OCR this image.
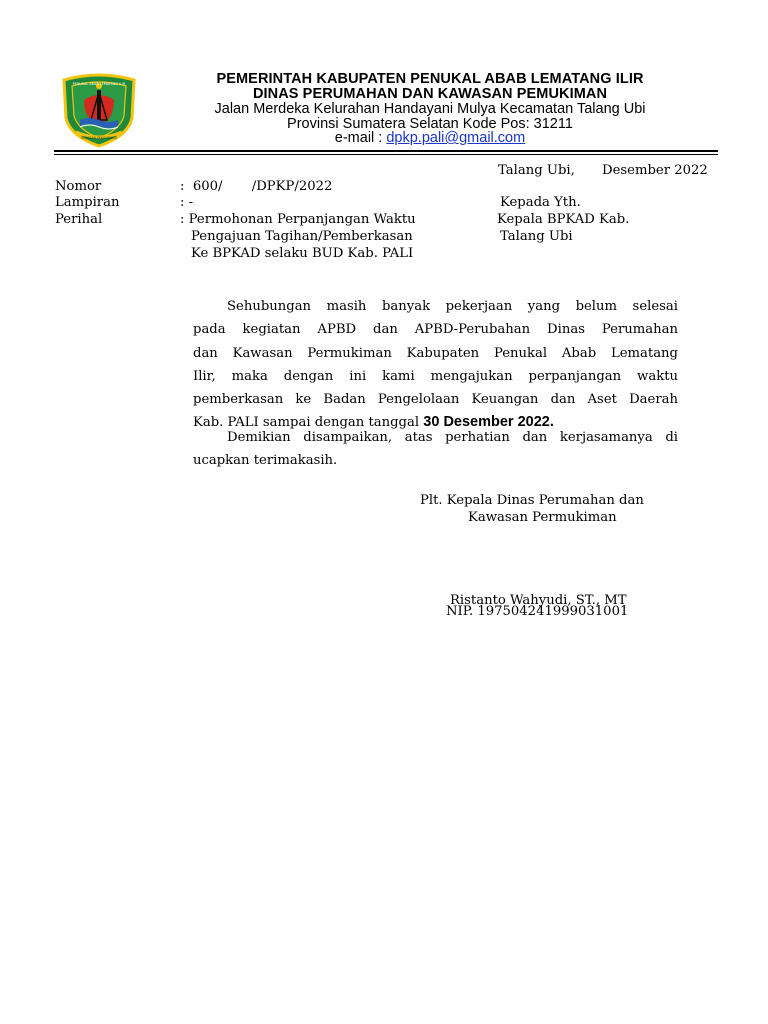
PENUKAL ABAB LEMATANG ILIR
SERASAN SEKUNDANG
PEMERINTAH KABUPATEN PENUKAL ABAB LEMATANG ILIR
DINAS PERUMAHAN DAN KAWASAN PEMUKIMAN
Jalan Merdeka Kelurahan Handayani Mulya Kecamatan Talang Ubi
Provinsi Sumatera Selatan Kode Pos: 31211
e-mail : dpkp.pali@gmail.com
Talang Ubi, Desember 2022
Nomor	:  600/       /DPKP/2022
Lampiran	: -
Perihal	: Permohonan Perpanjangan Waktu
Pengajuan Tagihan/Pemberkasan
Ke BPKAD selaku BUD Kab. PALI
Kepada Yth.
Kepala BPKAD Kab.
Talang Ubi
Sehubungan masih banyak pekerjaan yang belum selesai
pada kegiatan APBD dan APBD-Perubahan Dinas Perumahan
dan Kawasan Permukiman Kabupaten Penukal Abab Lematang
Ilir, maka dengan ini kami mengajukan perpanjangan waktu
pemberkasan ke Badan Pengelolaan Keuangan dan Aset Daerah
Kab. PALI sampai dengan tanggal 30 Desember 2022.
Demikian disampaikan, atas perhatian dan kerjasamanya di
ucapkan terimakasih.
Plt. Kepala Dinas Perumahan dan
Kawasan Permukiman
Ristanto Wahyudi, ST., MT
NIP. 197504241999031001
